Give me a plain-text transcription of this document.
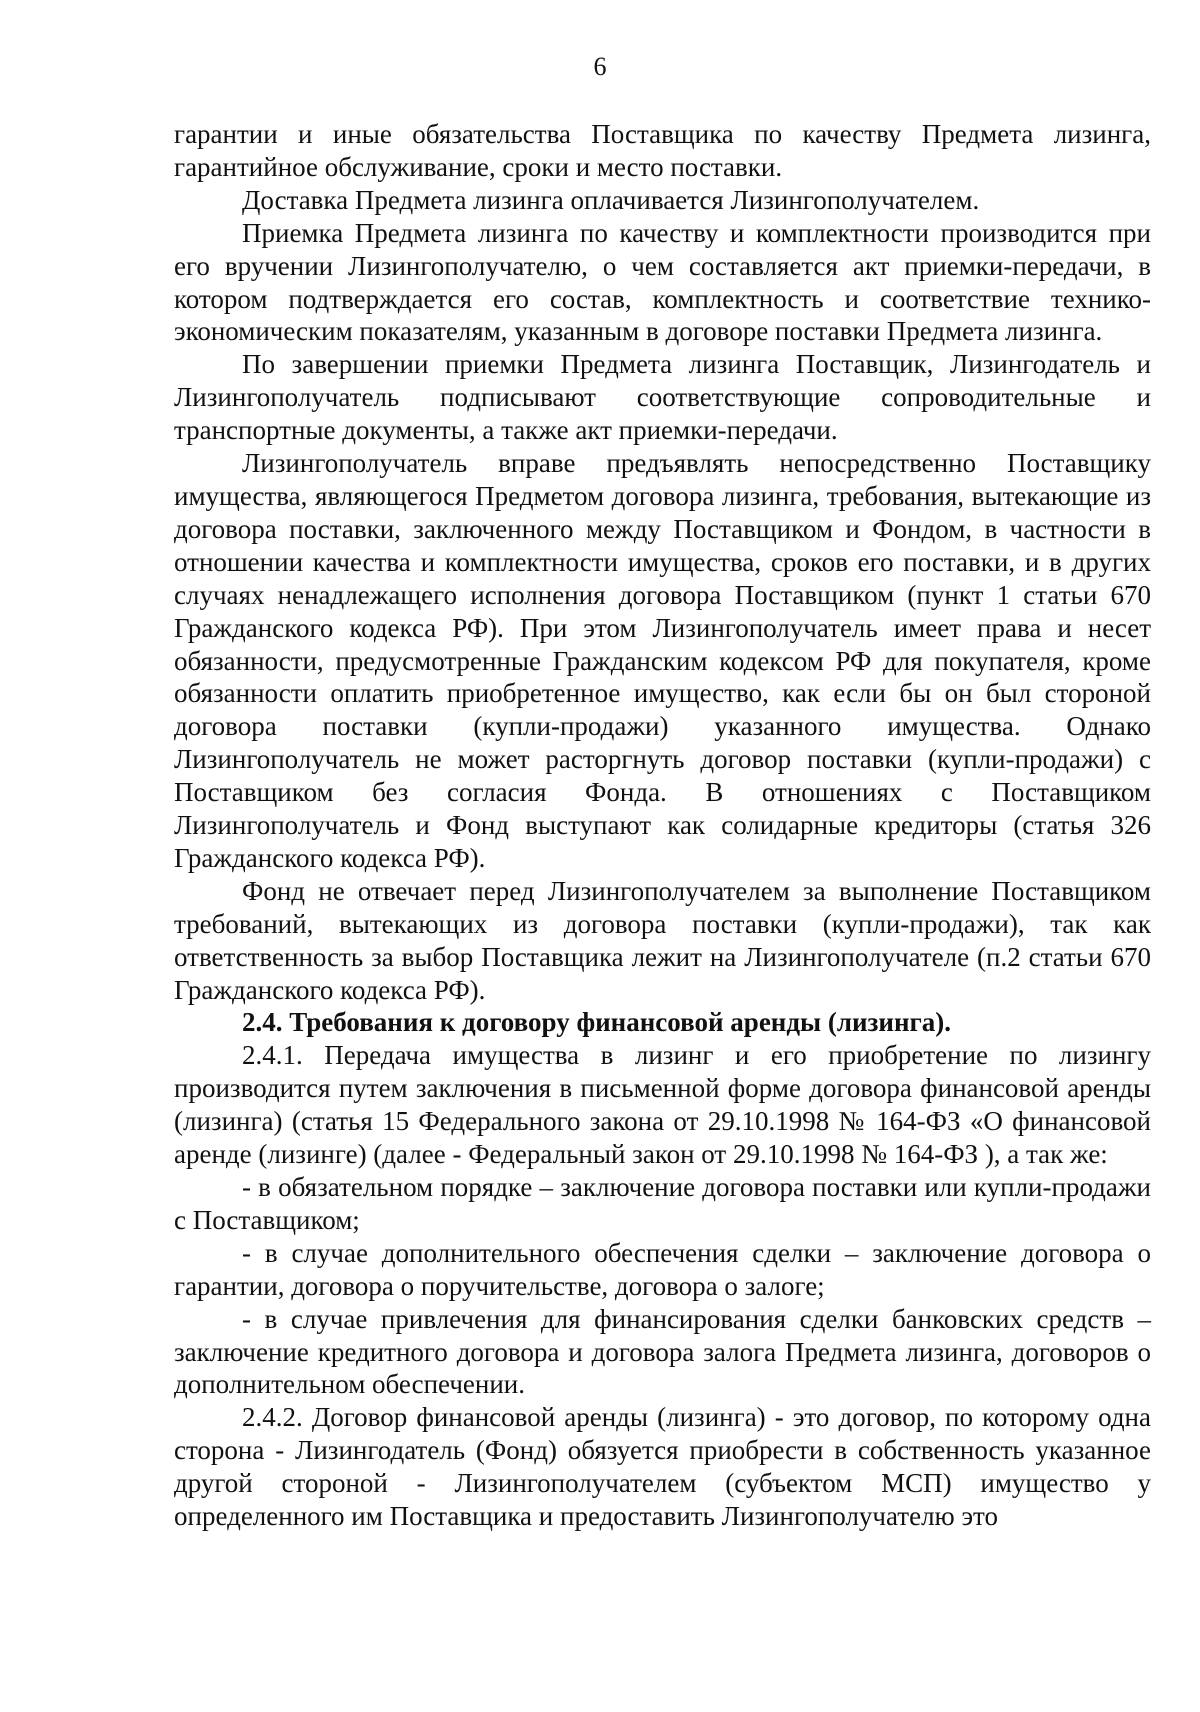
6

гарантии и иные обязательства Поставщика по качеству Предмета лизинга, гарантийное обслуживание, сроки и место поставки.

Доставка Предмета лизинга оплачивается Лизингополучателем.

Приемка Предмета лизинга по качеству и комплектности производится при его вручении Лизингополучателю, о чем составляется акт приемки-передачи, в котором подтверждается его состав, комплектность и соответствие технико-экономическим показателям, указанным в договоре поставки Предмета лизинга.

По завершении приемки Предмета лизинга Поставщик, Лизингодатель и Лизингополучатель подписывают соответствующие сопроводительные и транспортные документы, а также акт приемки-передачи.

Лизингополучатель вправе предъявлять непосредственно Поставщику имущества, являющегося Предметом договора лизинга, требования, вытекающие из договора поставки, заключенного между Поставщиком и Фондом, в частности в отношении качества и комплектности имущества, сроков его поставки, и в других случаях ненадлежащего исполнения договора Поставщиком (пункт 1 статьи 670 Гражданского кодекса РФ). При этом Лизингополучатель имеет права и несет обязанности, предусмотренные Гражданским кодексом РФ для покупателя, кроме обязанности оплатить приобретенное имущество, как если бы он был стороной договора поставки (купли-продажи) указанного имущества. Однако Лизингополучатель не может расторгнуть договор поставки (купли-продажи) с Поставщиком без согласия Фонда. В отношениях с Поставщиком Лизингополучатель и Фонд выступают как солидарные кредиторы (статья 326 Гражданского кодекса РФ).

Фонд не отвечает перед Лизингополучателем за выполнение Поставщиком требований, вытекающих из договора поставки (купли-продажи), так как ответственность за выбор Поставщика лежит на Лизингополучателе (п.2 статьи 670 Гражданского кодекса РФ).

2.4. Требования к договору финансовой аренды (лизинга).

2.4.1. Передача имущества в лизинг и его приобретение по лизингу производится путем заключения в письменной форме договора финансовой аренды (лизинга) (статья 15 Федерального закона от 29.10.1998 № 164-ФЗ «О финансовой аренде (лизинге) (далее - Федеральный закон от 29.10.1998 № 164-ФЗ ), а так же:

- в обязательном порядке – заключение договора поставки или купли-продажи с Поставщиком;

- в случае дополнительного обеспечения сделки – заключение договора о гарантии, договора о поручительстве, договора о залоге;

- в случае привлечения для финансирования сделки банковских средств – заключение кредитного договора и договора залога Предмета лизинга, договоров о дополнительном обеспечении.

2.4.2. Договор финансовой аренды (лизинга) - это договор, по которому одна сторона - Лизингодатель (Фонд) обязуется приобрести в собственность указанное другой стороной - Лизингополучателем (субъектом МСП) имущество у определенного им Поставщика и предоставить Лизингополучателю это
